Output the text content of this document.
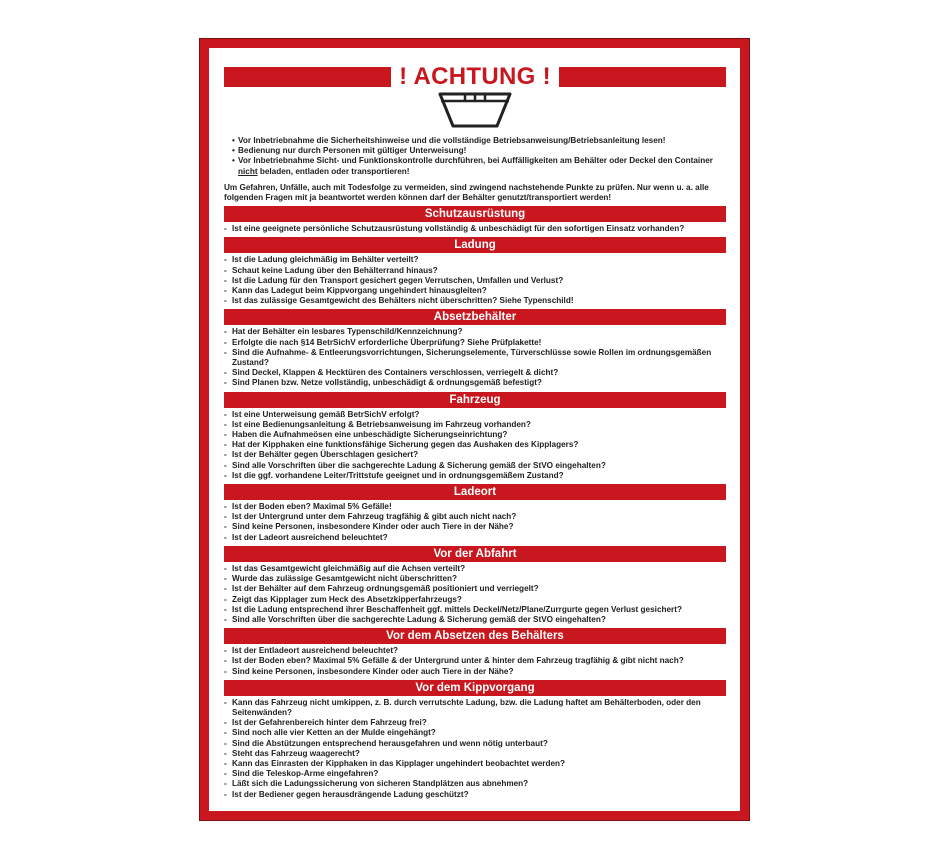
! ACHTUNG !
• Vor Inbetriebnahme die Sicherheitshinweise und die vollständige Betriebsanweisung/Betriebsanleitung lesen!
• Bedienung nur durch Personen mit gültiger Unterweisung!
• Vor Inbetriebnahme Sicht- und Funktionskontrolle durchführen, bei Auffälligkeiten am Behälter oder Deckel den Container nicht beladen, entladen oder transportieren!
Um Gefahren, Unfälle, auch mit Todesfolge zu vermeiden, sind zwingend nachstehende Punkte zu prüfen. Nur wenn u. a. alle folgenden Fragen mit ja beantwortet werden können darf der Behälter genutzt/transportiert werden!
Schutzausrüstung
- Ist eine geeignete persönliche Schutzausrüstung vollständig & unbeschädigt für den sofortigen Einsatz vorhanden?
Ladung
- Ist die Ladung gleichmäßig im Behälter verteilt?
- Schaut keine Ladung über den Behälterrand hinaus?
- Ist die Ladung für den Transport gesichert gegen Verrutschen, Umfallen und Verlust?
- Kann das Ladegut beim Kippvorgang ungehindert hinausgleiten?
- Ist das zulässige Gesamtgewicht des Behälters nicht überschritten? Siehe Typenschild!
Absetzbehälter
- Hat der Behälter ein lesbares Typenschild/Kennzeichnung?
- Erfolgte die nach §14 BetrSichV erforderliche Überprüfung? Siehe Prüfplakette!
- Sind die Aufnahme- & Entleerungsvorrichtungen, Sicherungselemente, Türverschlüsse sowie Rollen im ordnungsgemäßen Zustand?
- Sind Deckel, Klappen & Hecktüren des Containers verschlossen, verriegelt & dicht?
- Sind Planen bzw. Netze vollständig, unbeschädigt & ordnungsgemäß befestigt?
Fahrzeug
- Ist eine Unterweisung gemäß BetrSichV erfolgt?
- Ist eine Bedienungsanleitung & Betriebsanweisung im Fahrzeug vorhanden?
- Haben die Aufnahmeösen eine unbeschädigte Sicherungseinrichtung?
- Hat der Kipphaken eine funktionsfähige Sicherung gegen das Aushaken des Kipplagers?
- Ist der Behälter gegen Überschlagen gesichert?
- Sind alle Vorschriften über die sachgerechte Ladung & Sicherung gemäß der StVO eingehalten?
- Ist die ggf. vorhandene Leiter/Trittstufe geeignet und in ordnungsgemäßem Zustand?
Ladeort
- Ist der Boden eben? Maximal 5% Gefälle!
- Ist der Untergrund unter dem Fahrzeug tragfähig & gibt auch nicht nach?
- Sind keine Personen, insbesondere Kinder oder auch Tiere in der Nähe?
- Ist der Ladeort ausreichend beleuchtet?
Vor der Abfahrt
- Ist das Gesamtgewicht gleichmäßig auf die Achsen verteilt?
- Wurde das zulässige Gesamtgewicht nicht überschritten?
- Ist der Behälter auf dem Fahrzeug ordnungsgemäß positioniert und verriegelt?
- Zeigt das Kipplager zum Heck des Absetzkipperfahrzeugs?
- Ist die Ladung entsprechend ihrer Beschaffenheit ggf. mittels Deckel/Netz/Plane/Zurrgurte gegen Verlust gesichert?
- Sind alle Vorschriften über die sachgerechte Ladung & Sicherung gemäß der StVO eingehalten?
Vor dem Absetzen des Behälters
- Ist der Entladeort ausreichend beleuchtet?
- Ist der Boden eben? Maximal 5% Gefälle & der Untergrund unter & hinter dem Fahrzeug tragfähig & gibt nicht nach?
- Sind keine Personen, insbesondere Kinder oder auch Tiere in der Nähe?
Vor dem Kippvorgang
- Kann das Fahrzeug nicht umkippen, z. B. durch verrutschte Ladung, bzw. die Ladung haftet am Behälterboden, oder den Seitenwänden?
- Ist der Gefahrenbereich hinter dem Fahrzeug frei?
- Sind noch alle vier Ketten an der Mulde eingehängt?
- Sind die Abstützungen entsprechend herausgefahren und wenn nötig unterbaut?
- Steht das Fahrzeug waagerecht?
- Kann das Einrasten der Kipphaken in das Kipplager ungehindert beobachtet werden?
- Sind die Teleskop-Arme eingefahren?
- Läßt sich die Ladungssicherung von sicheren Standplätzen aus abnehmen?
- Ist der Bediener gegen herausdrängende Ladung geschützt?
